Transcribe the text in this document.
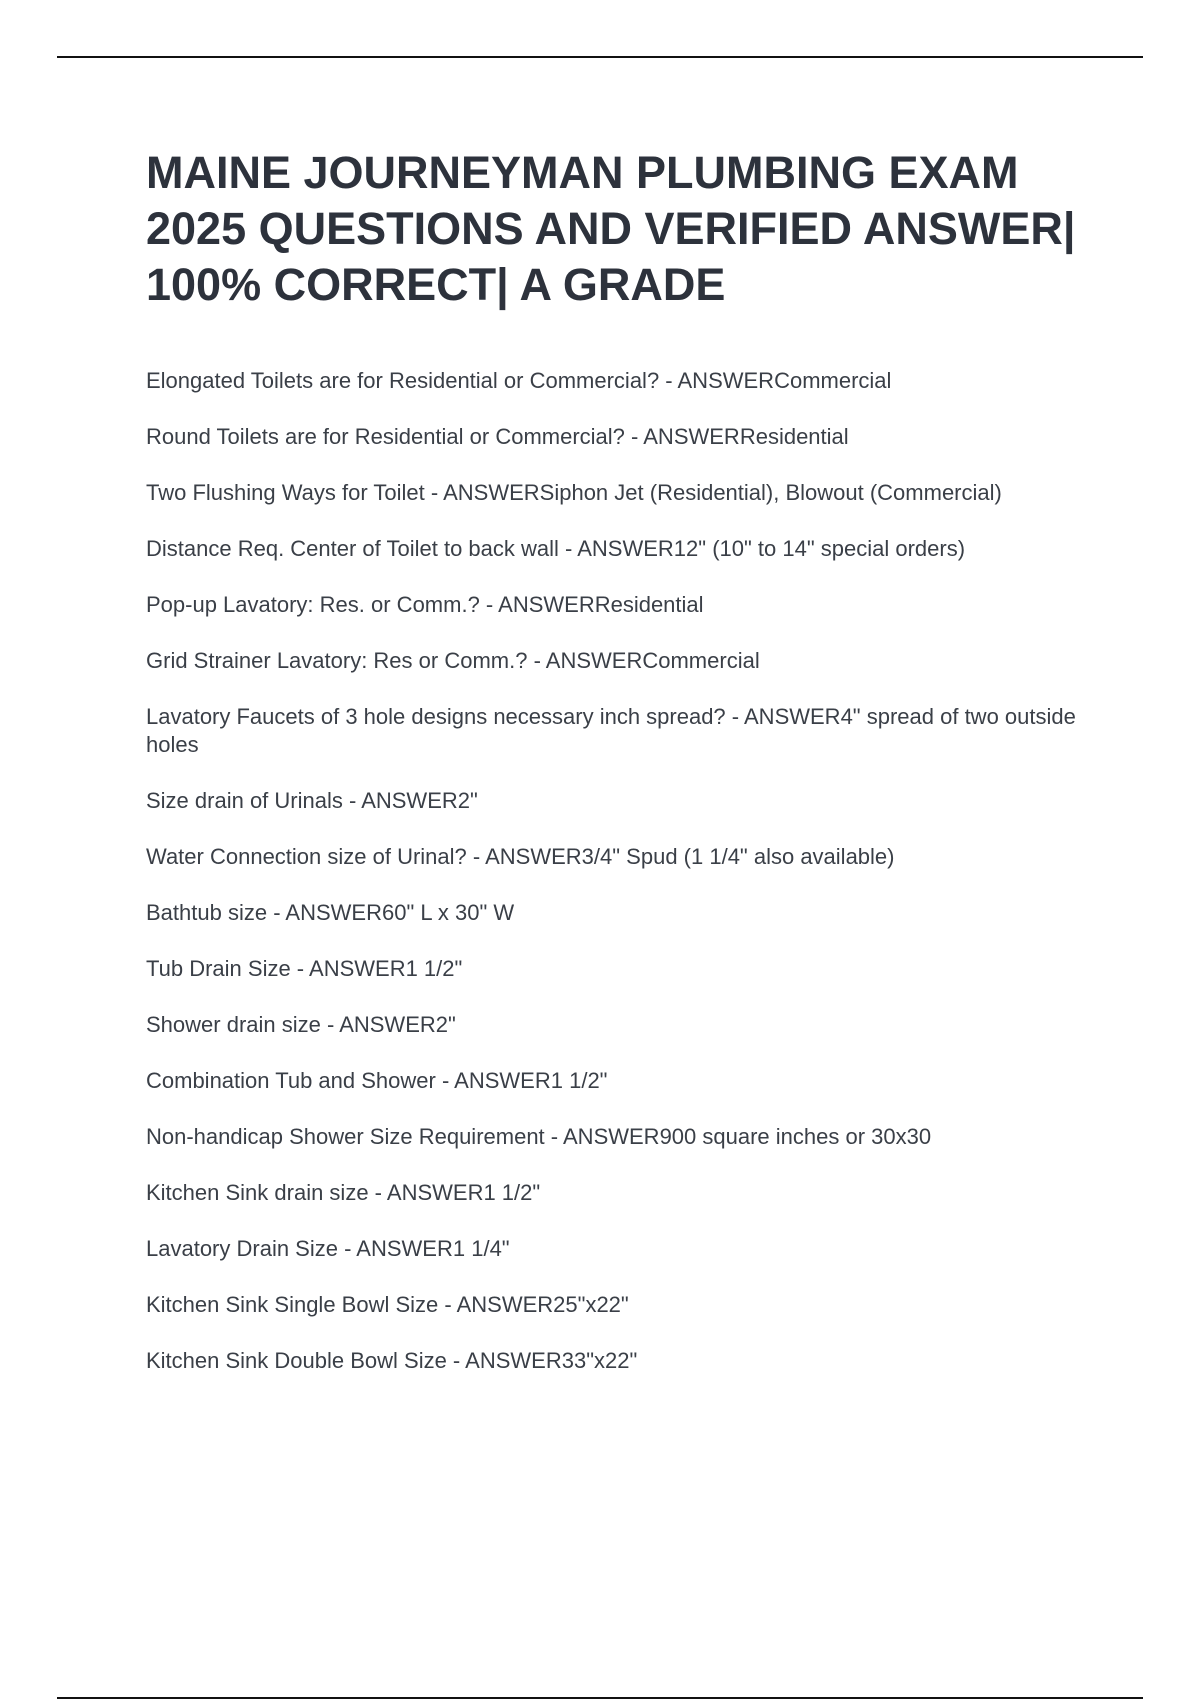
MAINE JOURNEYMAN PLUMBING EXAM 2025 QUESTIONS AND VERIFIED ANSWER| 100% CORRECT| A GRADE
Elongated Toilets are for Residential or Commercial? - ANSWERCommercial
Round Toilets are for Residential or Commercial? - ANSWERResidential
Two Flushing Ways for Toilet - ANSWERSiphon Jet (Residential), Blowout (Commercial)
Distance Req. Center of Toilet to back wall - ANSWER12" (10" to 14" special orders)
Pop-up Lavatory: Res. or Comm.? - ANSWERResidential
Grid Strainer Lavatory: Res or Comm.? - ANSWERCommercial
Lavatory Faucets of 3 hole designs necessary inch spread? - ANSWER4" spread of two outside holes
Size drain of Urinals - ANSWER2"
Water Connection size of Urinal? - ANSWER3/4" Spud (1 1/4" also available)
Bathtub size - ANSWER60" L x 30" W
Tub Drain Size - ANSWER1 1/2"
Shower drain size - ANSWER2"
Combination Tub and Shower - ANSWER1 1/2"
Non-handicap Shower Size Requirement - ANSWER900 square inches or 30x30
Kitchen Sink drain size - ANSWER1 1/2"
Lavatory Drain Size - ANSWER1 1/4"
Kitchen Sink Single Bowl Size - ANSWER25"x22"
Kitchen Sink Double Bowl Size - ANSWER33"x22"
